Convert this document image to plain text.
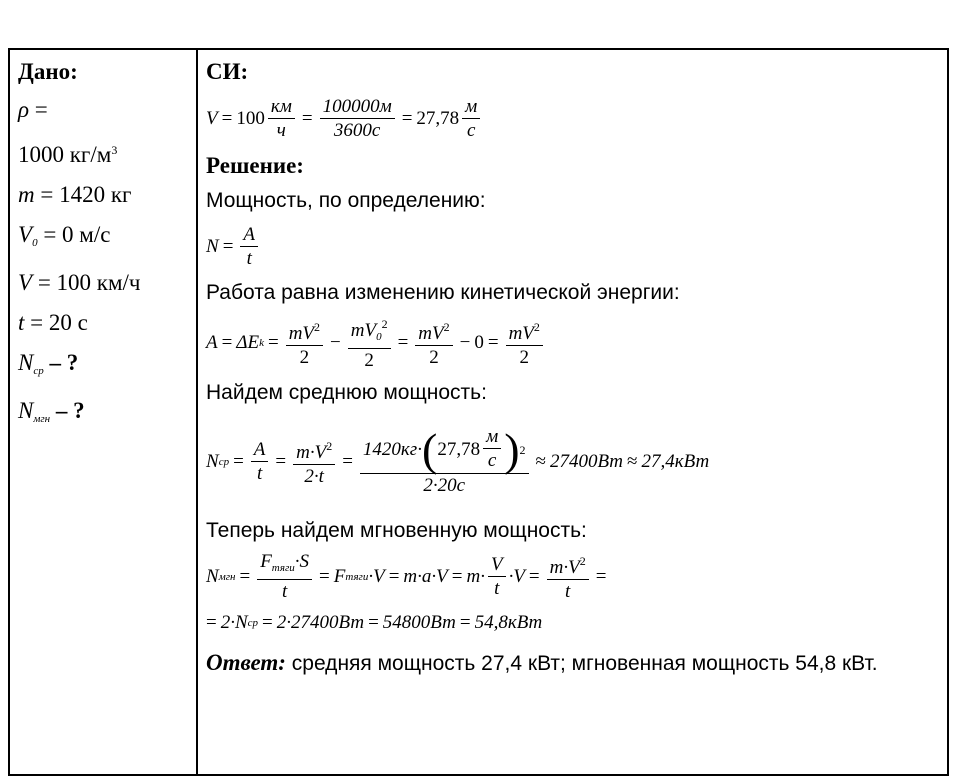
Дано:
ρ =
1000 $кг/м^3$
m = 1420 кг
$V_0 = 0$ м/с
V = 100 км/ч
t = 20 с
$N_{ср}$ – ?
$N_{мгн}$ – ?
СИ:
$V = 100 \frac{км}{ч} = \frac{100000м}{3600с} = 27,78 \frac{м}{с}$
Решение:
Мощность, по определению:
$N = \frac{A}{t}$
Работа равна изменению кинетической энергии:
A = ΔE $k = \frac{mV^2}{2} - \frac{mV_0^2}{2} = \frac{mV^2}{2} - 0 = \frac{mV^2}{2}$
Найдем среднюю мощность:
N ср = $\frac{A}{t} = \frac{m\cdot V^2}{2\cdot t}$ =
1420кг· ( $27,78 \frac{м}{с}$ ) 2
2·20с
≈ 27400Вт ≈ 27,4кВт
Теперь найдем мгновенную мощность:
N мгн = $\frac{F_{тяги}\cdot S}{t} = F$ тяги $\cdot V = m\cdot a\cdot V = m\cdot \frac{V}{t} \cdot V = \frac{m\cdot V^2}{t}$ =
= 2· N ср = 2·27400Вт = 54800Вт = 54,8кВт
Ответ: средняя мощность 27,4 кВт; мгновенная мощность 54,8 кВт.
